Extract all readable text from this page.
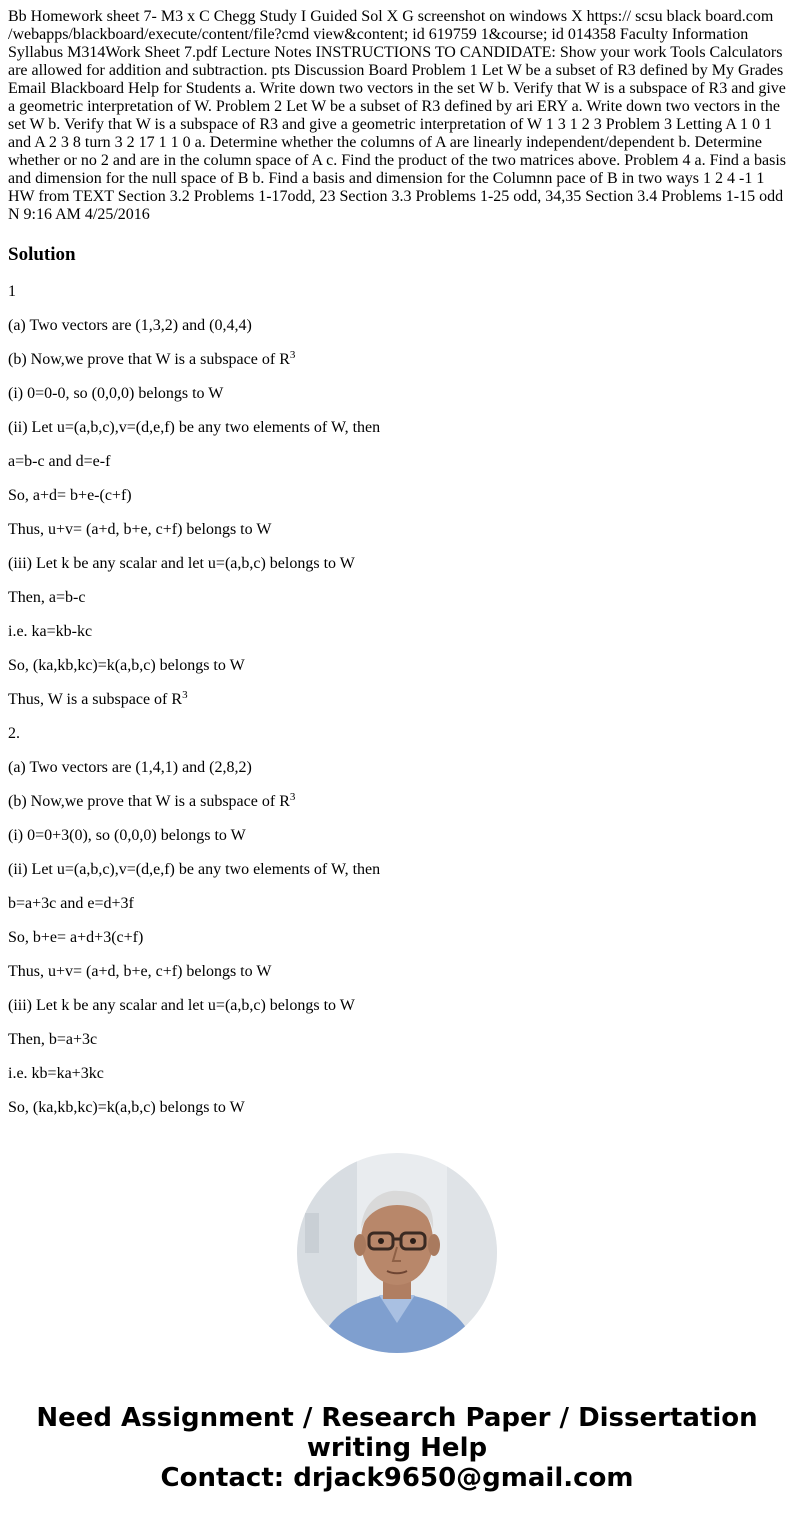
Bb Homework sheet 7- M3 x C Chegg Study I Guided Sol X G screenshot on windows X https:// scsu black board.com /webapps/blackboard/execute/content/file?cmd view&content; id 619759 1&course; id 014358 Faculty Information Syllabus M314Work Sheet 7.pdf Lecture Notes INSTRUCTIONS TO CANDIDATE: Show your work Tools Calculators are allowed for addition and subtraction. pts Discussion Board Problem 1 Let W be a subset of R3 defined by My Grades Email Blackboard Help for Students a. Write down two vectors in the set W b. Verify that W is a subspace of R3 and give a geometric interpretation of W. Problem 2 Let W be a subset of R3 defined by ari ERY a. Write down two vectors in the set W b. Verify that W is a subspace of R3 and give a geometric interpretation of W 1 3 1 2 3 Problem 3 Letting A 1 0 1 and A 2 3 8 turn 3 2 17 1 1 0 a. Determine whether the columns of A are linearly independent/dependent b. Determine whether or no 2 and are in the column space of A c. Find the product of the two matrices above. Problem 4 a. Find a basis and dimension for the null space of B b. Find a basis and dimension for the Columnn pace of B in two ways 1 2 4 -1 1 HW from TEXT Section 3.2 Problems 1-17odd, 23 Section 3.3 Problems 1-25 odd, 34,35 Section 3.4 Problems 1-15 odd N 9:16 AM 4/25/2016
Solution

1

(a) Two vectors are (1,3,2) and (0,4,4)

(b) Now,we prove that W is a subspace of $R^3$

(i) 0=0-0, so (0,0,0) belongs to W

(ii) Let u=(a,b,c),v=(d,e,f) be any two elements of W, then

a=b-c and d=e-f

So, a+d= b+e-(c+f)

Thus, u+v= (a+d, b+e, c+f) belongs to W

(iii) Let k be any scalar and let u=(a,b,c) belongs to W

Then, a=b-c

i.e. ka=kb-kc

So, (ka,kb,kc)=k(a,b,c) belongs to W

Thus, W is a subspace of $R^3$

2.

(a) Two vectors are (1,4,1) and (2,8,2)

(b) Now,we prove that W is a subspace of $R^3$

(i) 0=0+3(0), so (0,0,0) belongs to W

(ii) Let u=(a,b,c),v=(d,e,f) be any two elements of W, then

b=a+3c and e=d+3f

So, b+e= a+d+3(c+f)

Thus, u+v= (a+d, b+e, c+f) belongs to W

(iii) Let k be any scalar and let u=(a,b,c) belongs to W

Then, b=a+3c

i.e. kb=ka+3kc

So, (ka,kb,kc)=k(a,b,c) belongs to W

Need Assignment / Research Paper / Dissertation
writing Help
Contact: drjack9650@gmail.com
